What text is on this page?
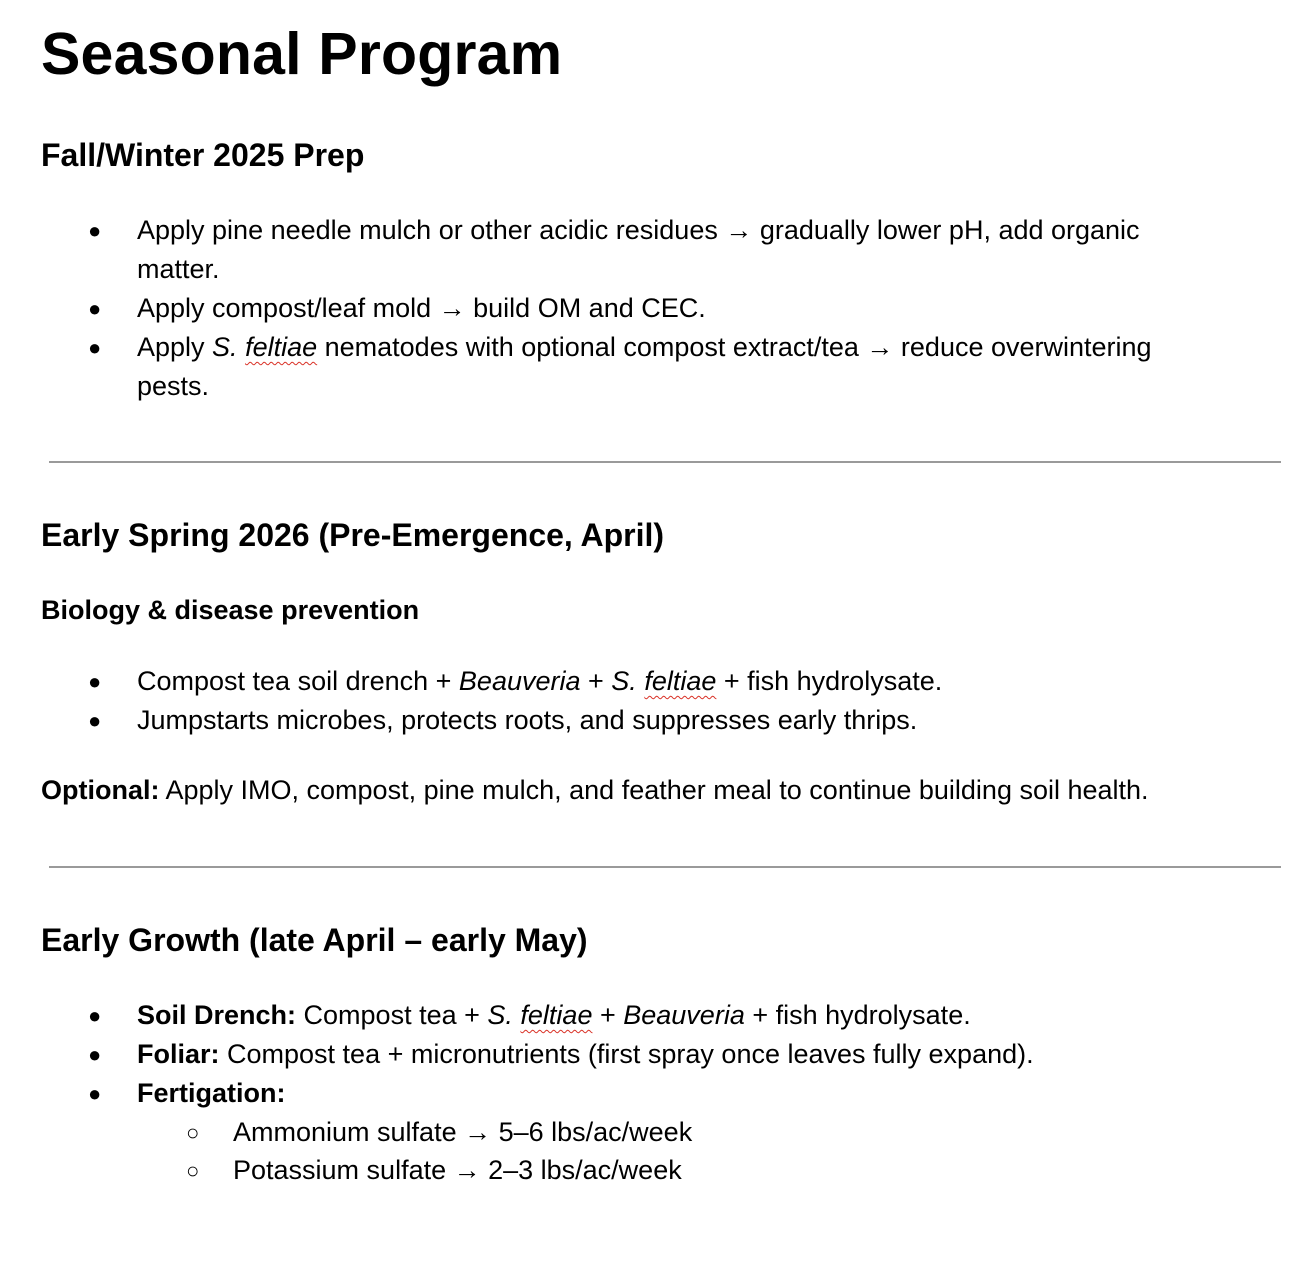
Seasonal Program
Fall/Winter 2025 Prep
● Apply pine needle mulch or other acidic residues → gradually lower pH, add organic
matter.
● Apply compost/leaf mold → build OM and CEC.
● Apply S. feltiae nematodes with optional compost extract/tea → reduce overwintering
pests.
Early Spring 2026 (Pre-Emergence, April)
Biology & disease prevention
● Compost tea soil drench + Beauveria + S. feltiae + fish hydrolysate.
● Jumpstarts microbes, protects roots, and suppresses early thrips.
Optional: Apply IMO, compost, pine mulch, and feather meal to continue building soil health.
Early Growth (late April – early May)
● Soil Drench: Compost tea + S. feltiae + Beauveria + fish hydrolysate.
● Foliar: Compost tea + micronutrients (first spray once leaves fully expand).
● Fertigation:
○ Ammonium sulfate → 5–6 lbs/ac/week
○ Potassium sulfate → 2–3 lbs/ac/week
